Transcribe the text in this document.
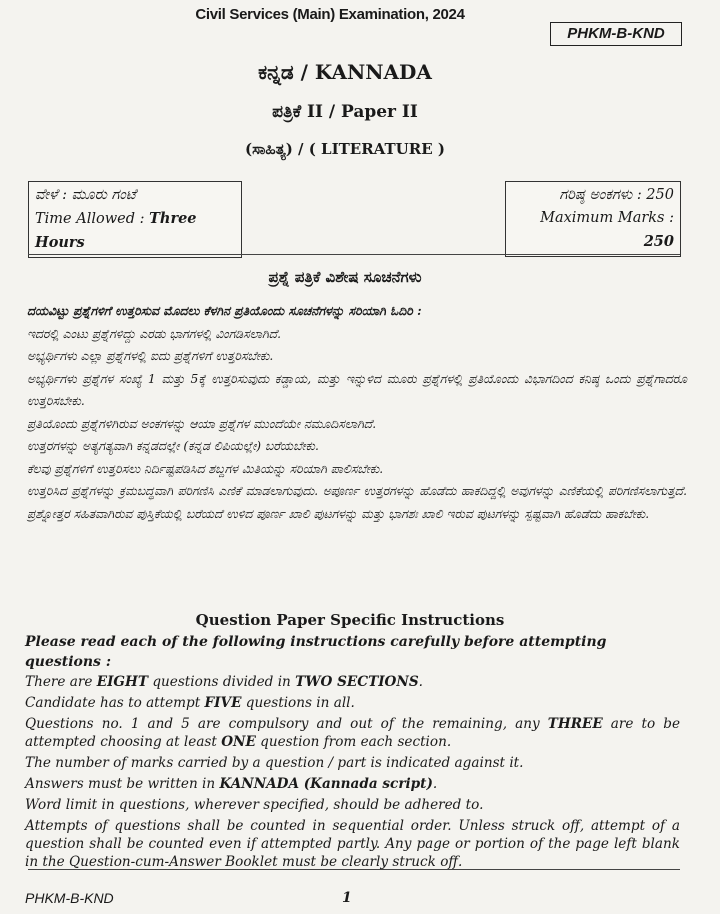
Civil Services (Main) Examination, 2024
PHKM-B-KND
ಕನ್ನಡ / KANNADA
ಪತ್ರಿಕೆ II / Paper II
(ಸಾಹಿತ್ಯ) / ( LITERATURE )
ವೇಳೆ : ಮೂರು ಗಂಟೆ
Time Allowed : Three Hours
ಗರಿಷ್ಠ ಅಂಕಗಳು : 250
Maximum Marks : 250
ಪ್ರಶ್ನೆ ಪತ್ರಿಕೆ ವಿಶೇಷ ಸೂಚನೆಗಳು

ದಯವಿಟ್ಟು ಪ್ರಶ್ನೆಗಳಿಗೆ ಉತ್ತರಿಸುವ ಮೊದಲು ಕೆಳಗಿನ ಪ್ರತಿಯೊಂದು ಸೂಚನೆಗಳನ್ನು ಸರಿಯಾಗಿ ಓದಿರಿ :

ಇದರಲ್ಲಿ ಎಂಟು ಪ್ರಶ್ನೆಗಳಿದ್ದು ಎರಡು ಭಾಗಗಳಲ್ಲಿ ವಿಂಗಡಿಸಲಾಗಿದೆ.

ಅಭ್ಯರ್ಥಿಗಳು ಎಲ್ಲಾ ಪ್ರಶ್ನೆಗಳಲ್ಲಿ ಐದು ಪ್ರಶ್ನೆಗಳಿಗೆ ಉತ್ತರಿಸಬೇಕು.

ಅಭ್ಯರ್ಥಿಗಳು ಪ್ರಶ್ನೆಗಳ ಸಂಖ್ಯೆ 1 ಮತ್ತು 5ಕ್ಕೆ ಉತ್ತರಿಸುವುದು ಕಡ್ಡಾಯ, ಮತ್ತು ಇನ್ನುಳಿದ ಮೂರು ಪ್ರಶ್ನೆಗಳಲ್ಲಿ ಪ್ರತಿಯೊಂದು ವಿಭಾಗದಿಂದ ಕನಿಷ್ಠ ಒಂದು ಪ್ರಶ್ನೆಗಾದರೂ ಉತ್ತರಿಸಬೇಕು.

ಪ್ರತಿಯೊಂದು ಪ್ರಶ್ನೆಗಳಿಗಿರುವ ಅಂಕಗಳನ್ನು ಆಯಾ ಪ್ರಶ್ನೆಗಳ ಮುಂದೆಯೇ ನಮೂದಿಸಲಾಗಿದೆ.

ಉತ್ತರಗಳನ್ನು ಅತ್ಯಗತ್ಯವಾಗಿ ಕನ್ನಡದಲ್ಲೇ (ಕನ್ನಡ ಲಿಪಿಯಲ್ಲೇ) ಬರೆಯಬೇಕು.

ಕೆಲವು ಪ್ರಶ್ನೆಗಳಿಗೆ ಉತ್ತರಿಸಲು ನಿರ್ದಿಷ್ಟಪಡಿಸಿದ ಶಬ್ದಗಳ ಮಿತಿಯನ್ನು ಸರಿಯಾಗಿ ಪಾಲಿಸಬೇಕು.

ಉತ್ತರಿಸಿದ ಪ್ರಶ್ನೆಗಳನ್ನು ಕ್ರಮಬದ್ಧವಾಗಿ ಪರಿಗಣಿಸಿ ಎಣಿಕೆ ಮಾಡಲಾಗುವುದು. ಅಪೂರ್ಣ ಉತ್ತರಗಳನ್ನು ಹೊಡೆದು ಹಾಕದಿದ್ದಲ್ಲಿ ಅವುಗಳನ್ನು ಎಣಿಕೆಯಲ್ಲಿ ಪರಿಗಣಿಸಲಾಗುತ್ತದೆ. ಪ್ರಶ್ನೋತ್ತರ ಸಹಿತವಾಗಿರುವ ಪುಸ್ತಿಕೆಯಲ್ಲಿ ಬರೆಯದೆ ಉಳಿದ ಪೂರ್ಣ ಖಾಲಿ ಪುಟಗಳನ್ನು ಮತ್ತು ಭಾಗಶಃ ಖಾಲಿ ಇರುವ ಪುಟಗಳನ್ನು ಸ್ಪಷ್ಟವಾಗಿ ಹೊಡೆದು ಹಾಕಬೇಕು.

Question Paper Specific Instructions

Please read each of the following instructions carefully before attempting questions :

There are EIGHT questions divided in TWO SECTIONS.

Candidate has to attempt FIVE questions in all.

Questions no. 1 and 5 are compulsory and out of the remaining, any THREE are to be attempted choosing at least ONE question from each section.

The number of marks carried by a question / part is indicated against it.

Answers must be written in KANNADA (Kannada script).

Word limit in questions, wherever specified, should be adhered to.

Attempts of questions shall be counted in sequential order. Unless struck off, attempt of a question shall be counted even if attempted partly. Any page or portion of the page left blank in the Question-cum-Answer Booklet must be clearly struck off.

PHKM-B-KND	1
